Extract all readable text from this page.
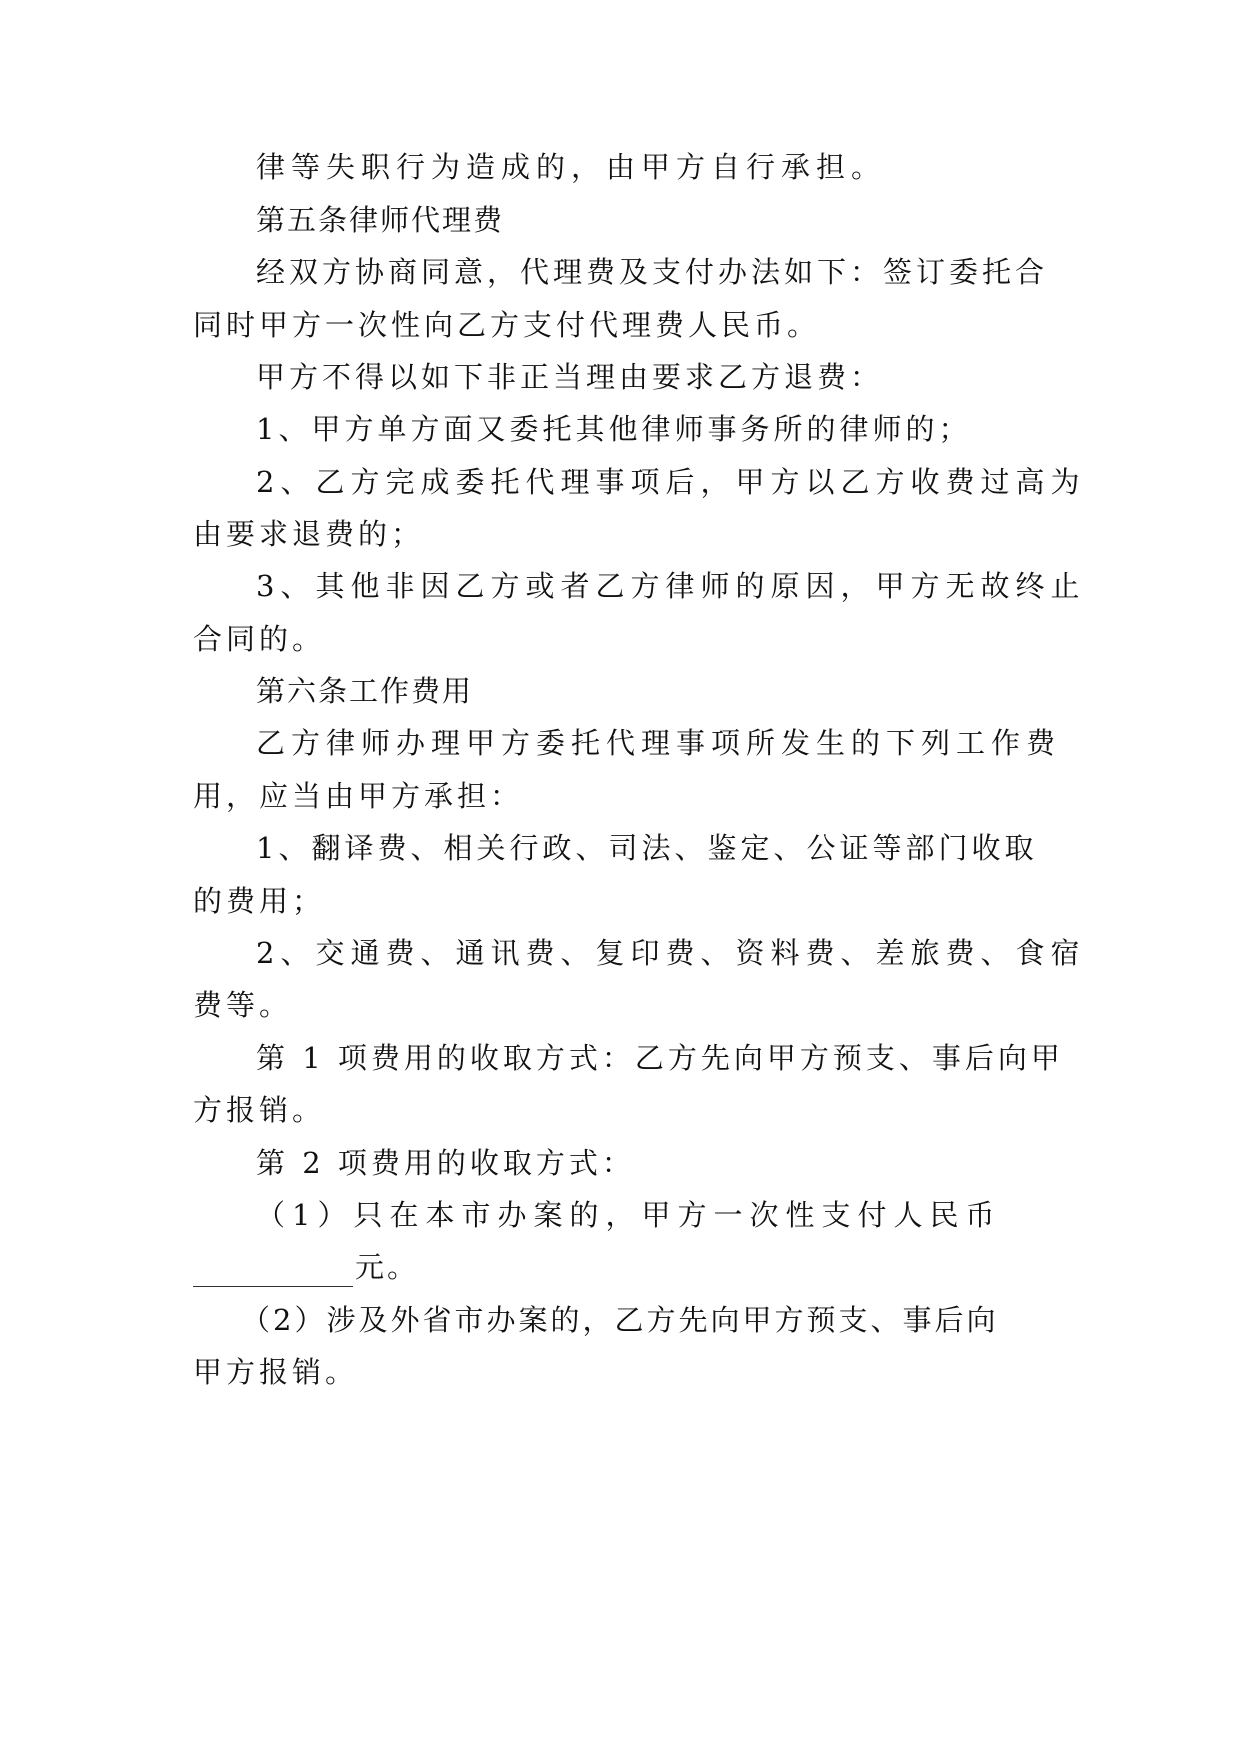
律等失职行为造成的，由甲方自行承担。
第五条律师代理费
经双方协商同意，代理费及支付办法如下：签订委托合
同时甲方一次性向乙方支付代理费人民币。
甲方不得以如下非正当理由要求乙方退费：
1、甲方单方面又委托其他律师事务所的律师的；
2、乙方完成委托代理事项后，甲方以乙方收费过高为
由要求退费的；
3、其他非因乙方或者乙方律师的原因，甲方无故终止
合同的。
第六条工作费用
乙方律师办理甲方委托代理事项所发生的下列工作费
用，应当由甲方承担：
1、翻译费、相关行政、司法、鉴定、公证等部门收取
的费用；
2、交通费、通讯费、复印费、资料费、差旅费、食宿
费等。
第 1 项费用的收取方式：乙方先向甲方预支、事后向甲
方报销。
第 2 项费用的收取方式：
（1）只在本市办案的，甲方一次性支付人民币
元。
（2）涉及外省市办案的，乙方先向甲方预支、事后向
甲方报销。
